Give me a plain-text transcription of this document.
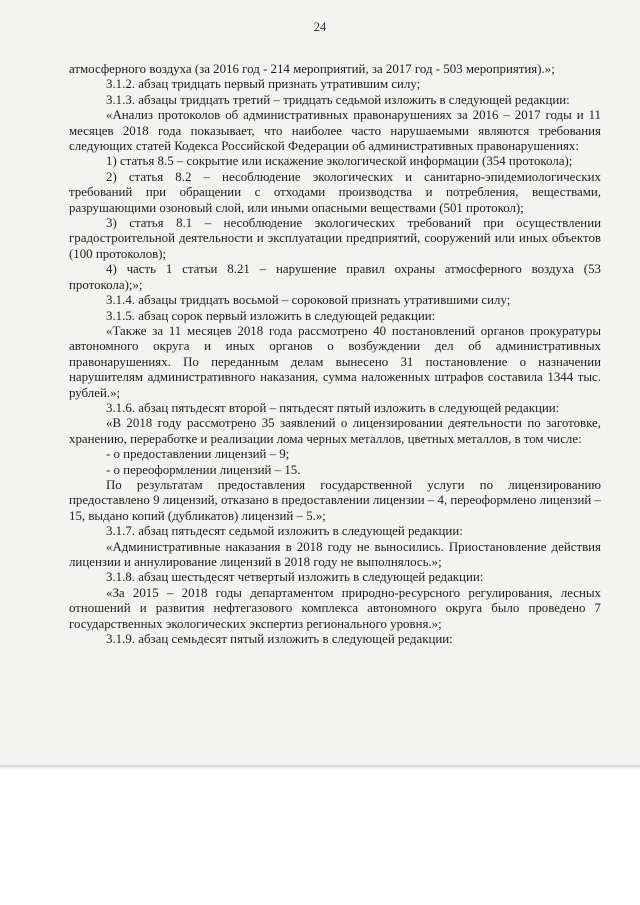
24

атмосферного воздуха (за 2016 год - 214 мероприятий, за 2017 год - 503 мероприятия).»;

3.1.2. абзац тридцать первый признать утратившим силу;

3.1.3. абзацы тридцать третий – тридцать седьмой изложить в следующей редакции:

«Анализ протоколов об административных правонарушениях за 2016 – 2017 годы и 11 месяцев 2018 года показывает, что наиболее часто нарушаемыми являются требования следующих статей Кодекса Российской Федерации об административных правонарушениях:

1) статья 8.5 – сокрытие или искажение экологической информации (354 протокола);

2) статья 8.2 – несоблюдение экологических и санитарно-эпидемиологических требований при обращении с отходами производства и потребления, веществами, разрушающими озоновый слой, или иными опасными веществами (501 протокол);

3) статья 8.1 – несоблюдение экологических требований при осуществлении градостроительной деятельности и эксплуатации предприятий, сооружений или иных объектов (100 протоколов);

4) часть 1 статьи 8.21 – нарушение правил охраны атмосферного воздуха (53 протокола);»;

3.1.4. абзацы тридцать восьмой – сороковой признать утратившими силу;

3.1.5. абзац сорок первый изложить в следующей редакции:

«Также за 11 месяцев 2018 года рассмотрено 40 постановлений органов прокуратуры автономного округа и иных органов о возбуждении дел об административных правонарушениях. По переданным делам вынесено 31 постановление о назначении нарушителям административного наказания, сумма наложенных штрафов составила 1344 тыс. рублей.»;

3.1.6. абзац пятьдесят второй – пятьдесят пятый изложить в следующей редакции:

«В 2018 году рассмотрено 35 заявлений о лицензировании деятельности по заготовке, хранению, переработке и реализации лома черных металлов, цветных металлов, в том числе:

- о предоставлении лицензий – 9;

- о переоформлении лицензий – 15.

По результатам предоставления государственной услуги по лицензированию предоставлено 9 лицензий, отказано в предоставлении лицензии – 4, переоформлено лицензий – 15, выдано копий (дубликатов) лицензий – 5.»;

3.1.7. абзац пятьдесят седьмой изложить в следующей редакции:

«Административные наказания в 2018 году не выносились. Приостановление действия лицензии и аннулирование лицензий в 2018 году не выполнялось.»;

3.1.8. абзац шестьдесят четвертый изложить в следующей редакции:

«За 2015 – 2018 годы департаментом природно-ресурсного регулирования, лесных отношений и развития нефтегазового комплекса автономного округа было проведено 7 государственных экологических экспертиз регионального уровня.»;

3.1.9. абзац семьдесят пятый изложить в следующей редакции:
